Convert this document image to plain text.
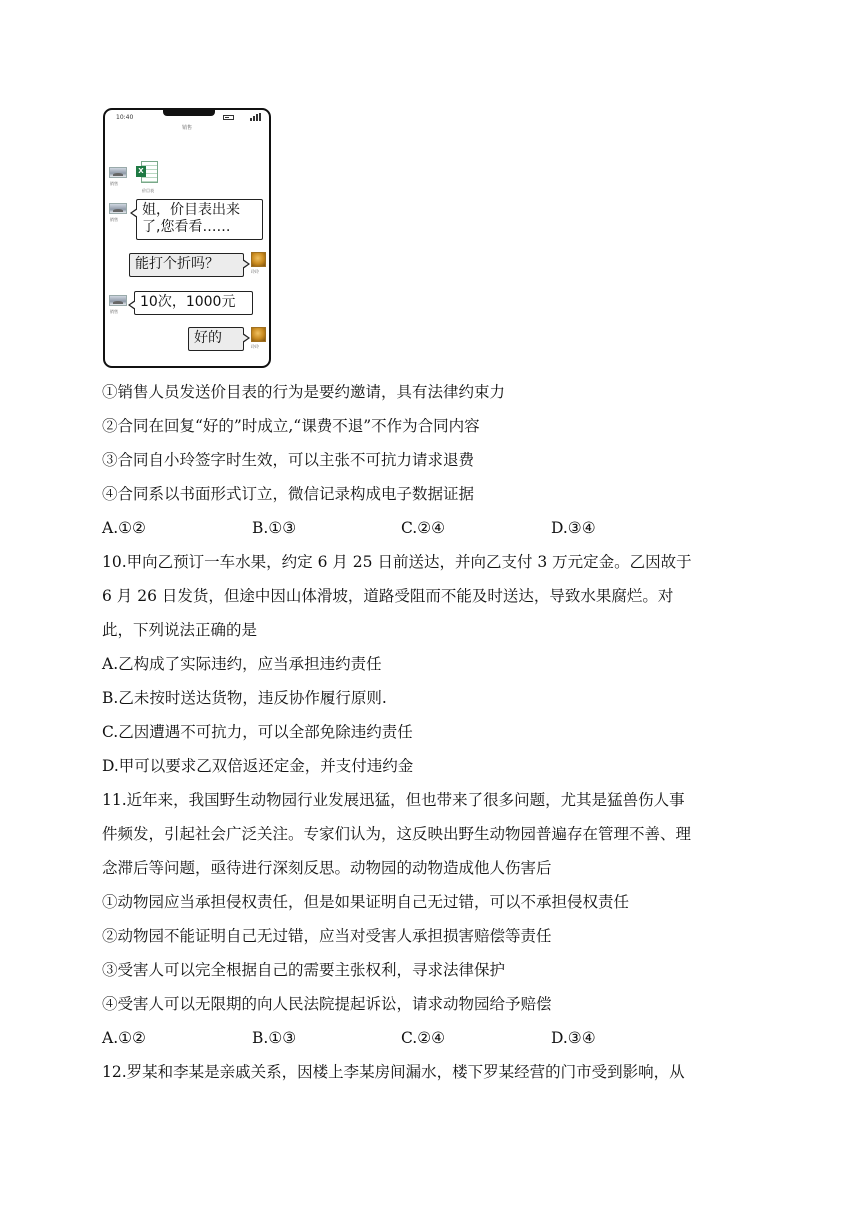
10:40
销售
销售
X
价目表
销售
姐，价目表出来
了,您看看……
能打个折吗？	玲玲
销售
10次，1000元
好的
玲玲
①销售人员发送价目表的行为是要约邀请，具有法律约束力
②合同在回复“好的”时成立,“课费不退”不作为合同内容
③合同自小玲签字时生效，可以主张不可抗力请求退费
④合同系以书面形式订立，微信记录构成电子数据证据
A.①②	B.①③	C.②④	D.③④
10.甲向乙预订一车水果，约定 6 月 25 日前送达，并向乙支付 3 万元定金。乙因故于
6 月 26 日发货，但途中因山体滑坡，道路受阻而不能及时送达，导致水果腐烂。对
此，下列说法正确的是
A.乙构成了实际违约，应当承担违约责任
B.乙未按时送达货物，违反协作履行原则.
C.乙因遭遇不可抗力，可以全部免除违约责任
D.甲可以要求乙双倍返还定金，并支付违约金
11.近年来，我国野生动物园行业发展迅猛，但也带来了很多问题，尤其是猛兽伤人事
件频发，引起社会广泛关注。专家们认为，这反映出野生动物园普遍存在管理不善、理
念滞后等问题，亟待进行深刻反思。动物园的动物造成他人伤害后
①动物园应当承担侵权责任，但是如果证明自己无过错，可以不承担侵权责任
②动物园不能证明自己无过错，应当对受害人承担损害赔偿等责任
③受害人可以完全根据自己的需要主张权利，寻求法律保护
④受害人可以无限期的向人民法院提起诉讼，请求动物园给予赔偿
A.①②	B.①③	C.②④	D.③④
12.罗某和李某是亲戚关系，因楼上李某房间漏水，楼下罗某经营的门市受到影响，从
